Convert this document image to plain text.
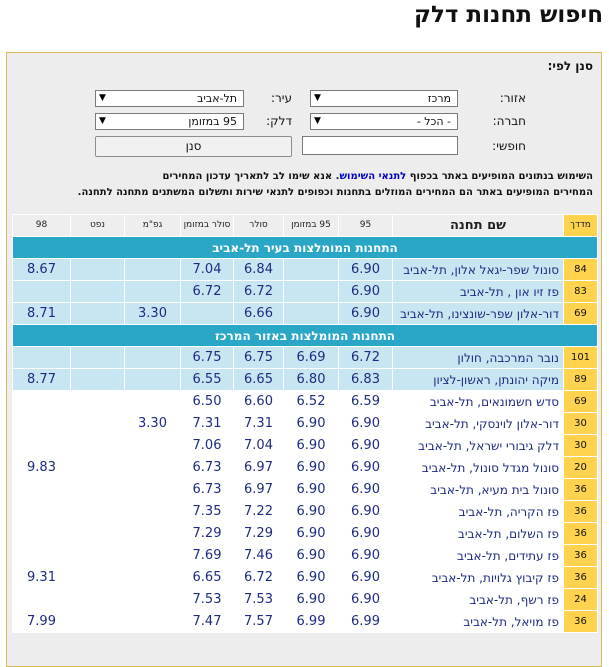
חיפוש תחנות דלק
סנן לפי:
אזור:
מרכז
▼
עיר:
תל-אביב
▼
חברה:
- הכל -
▼
דלק:
95 במזומן
▼
חופשי:
סנן
השימוש בנתונים המופיעים באתר בכפוף לתנאי השימוש. אנא שימו לב לתאריך עדכון המחירים
המחירים המופיעים באתר הם המחירים המוזלים בתחנות וכפופים לתנאי שירות ותשלום המשתנים מתחנה לתחנה.
מדדך	שם תחנה	95	95 במזומן	סולר	סולר במזומן	גפ"מ	נפט	98
התחנות המומלצות בעיר תל-אביב								
84	סונול שפר-יגאל אלון, תל-אביב	6.90		6.84	7.04			8.67
83	פז זיו און , תל-אביב	6.90		6.72	6.72			
69	דור-אלון שפר-שונצינו, תל-אביב	6.90		6.66		3.30		8.71
התחנות המומלצות באזור המרכז								
101	נובר המרכבה, חולון	6.72	6.69	6.75	6.75			
89	מיקה יהונתן, ראשון-לציון	6.83	6.80	6.65	6.55			8.77
69	סדש חשמונאים, תל-אביב	6.59	6.52	6.60	6.50			
30	דור-אלון לוינסקי, תל-אביב	6.90	6.90	7.31	7.31	3.30		
30	דלק גיבורי ישראל, תל-אביב	6.90	6.90	7.04	7.06			
20	סונול מגדל סונול, תל-אביב	6.90	6.90	6.97	6.73			9.83
36	סונול בית מעיא, תל-אביב	6.90	6.90	6.97	6.73			
36	פז הקריה, תל-אביב	6.90	6.90	7.22	7.35			
36	פז השלום, תל-אביב	6.90	6.90	7.29	7.29			
36	פז עתידים, תל-אביב	6.90	6.90	7.46	7.69			
36	פז קיבוץ גלויות, תל-אביב	6.90	6.90	6.72	6.65			9.31
24	פז רשף, תל-אביב	6.90	6.90	7.53	7.53			
36	פז מויאל, תל-אביב	6.99	6.99	7.57	7.47			7.99
